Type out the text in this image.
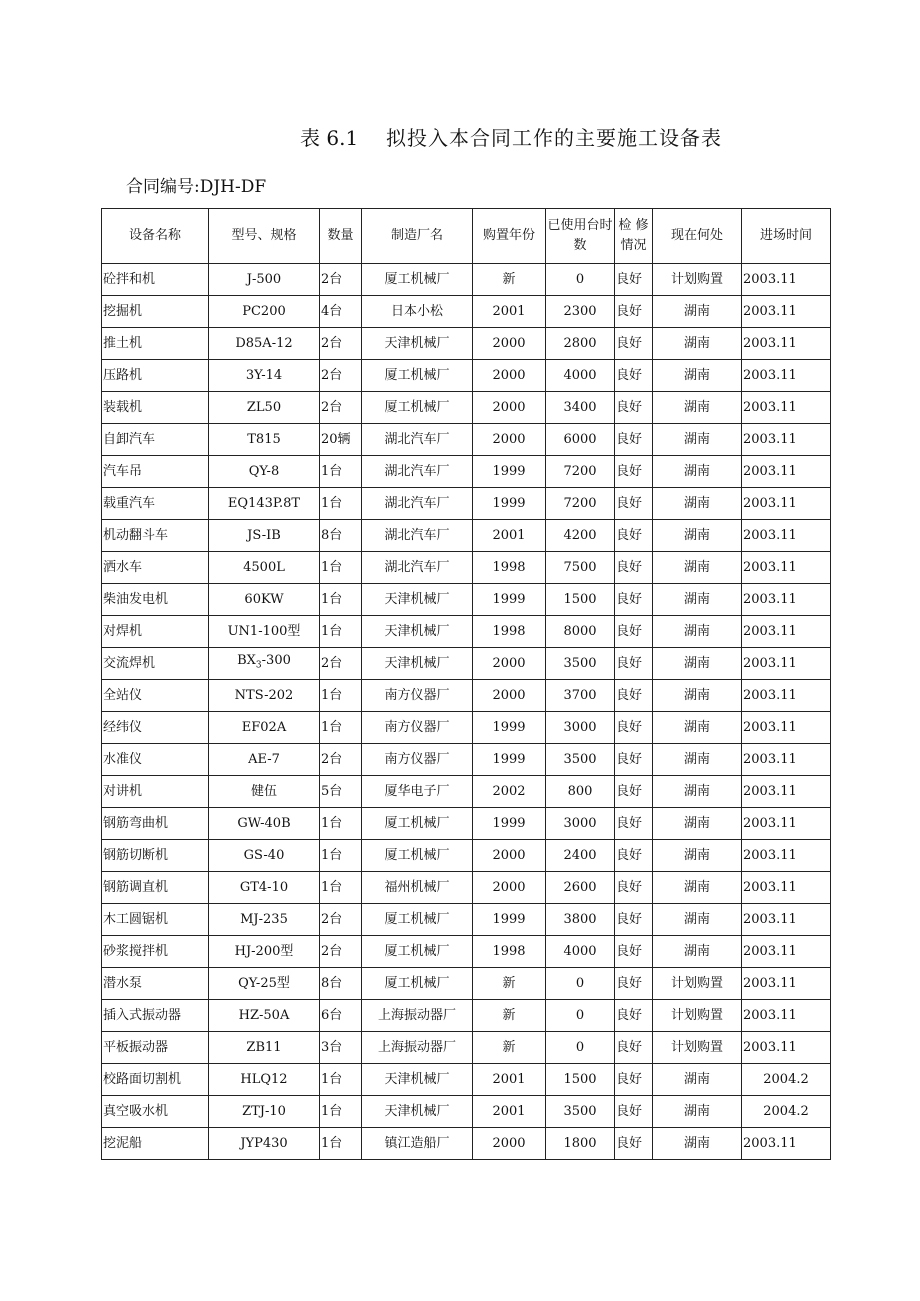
表 6.1 拟投入本合同工作的主要施工设备表
合同编号:DJH-DF
设备名称	型号、规格	数量	制造厂名	购置年份	已使用台时数	检 修情况	现在何处	进场时间
砼拌和机	J-500	2台	厦工机械厂	新	0	良好	计划购置	2003.11
挖掘机	PC200	4台	日本小松	2001	2300	良好	湖南	2003.11
推土机	D85A-12	2台	天津机械厂	2000	2800	良好	湖南	2003.11
压路机	3Y-14	2台	厦工机械厂	2000	4000	良好	湖南	2003.11
装载机	ZL50	2台	厦工机械厂	2000	3400	良好	湖南	2003.11
自卸汽车	T815	20辆	湖北汽车厂	2000	6000	良好	湖南	2003.11
汽车吊	QY-8	1台	湖北汽车厂	1999	7200	良好	湖南	2003.11
载重汽车	EQ143P.8T	1台	湖北汽车厂	1999	7200	良好	湖南	2003.11
机动翻斗车	JS-IB	8台	湖北汽车厂	2001	4200	良好	湖南	2003.11
洒水车	4500L	1台	湖北汽车厂	1998	7500	良好	湖南	2003.11
柴油发电机	60KW	1台	天津机械厂	1999	1500	良好	湖南	2003.11
对焊机	UN1-100型	1台	天津机械厂	1998	8000	良好	湖南	2003.11
交流焊机	$BX_3-300$	2台	天津机械厂	2000	3500	良好	湖南	2003.11
全站仪	NTS-202	1台	南方仪器厂	2000	3700	良好	湖南	2003.11
经纬仪	EF02A	1台	南方仪器厂	1999	3000	良好	湖南	2003.11
水准仪	AE-7	2台	南方仪器厂	1999	3500	良好	湖南	2003.11
对讲机	健伍	5台	厦华电子厂	2002	800	良好	湖南	2003.11
钢筋弯曲机	GW-40B	1台	厦工机械厂	1999	3000	良好	湖南	2003.11
钢筋切断机	GS-40	1台	厦工机械厂	2000	2400	良好	湖南	2003.11
钢筋调直机	GT4-10	1台	福州机械厂	2000	2600	良好	湖南	2003.11
木工圆锯机	MJ-235	2台	厦工机械厂	1999	3800	良好	湖南	2003.11
砂浆搅拌机	HJ-200型	2台	厦工机械厂	1998	4000	良好	湖南	2003.11
潜水泵	QY-25型	8台	厦工机械厂	新	0	良好	计划购置	2003.11
插入式振动器	HZ-50A	6台	上海振动器厂	新	0	良好	计划购置	2003.11
平板振动器	ZB11	3台	上海振动器厂	新	0	良好	计划购置	2003.11
校路面切割机	HLQ12	1台	天津机械厂	2001	1500	良好	湖南	2004.2
真空吸水机	ZTJ-10	1台	天津机械厂	2001	3500	良好	湖南	2004.2
挖泥船	JYP430	1台	镇江造船厂	2000	1800	良好	湖南	2003.11
